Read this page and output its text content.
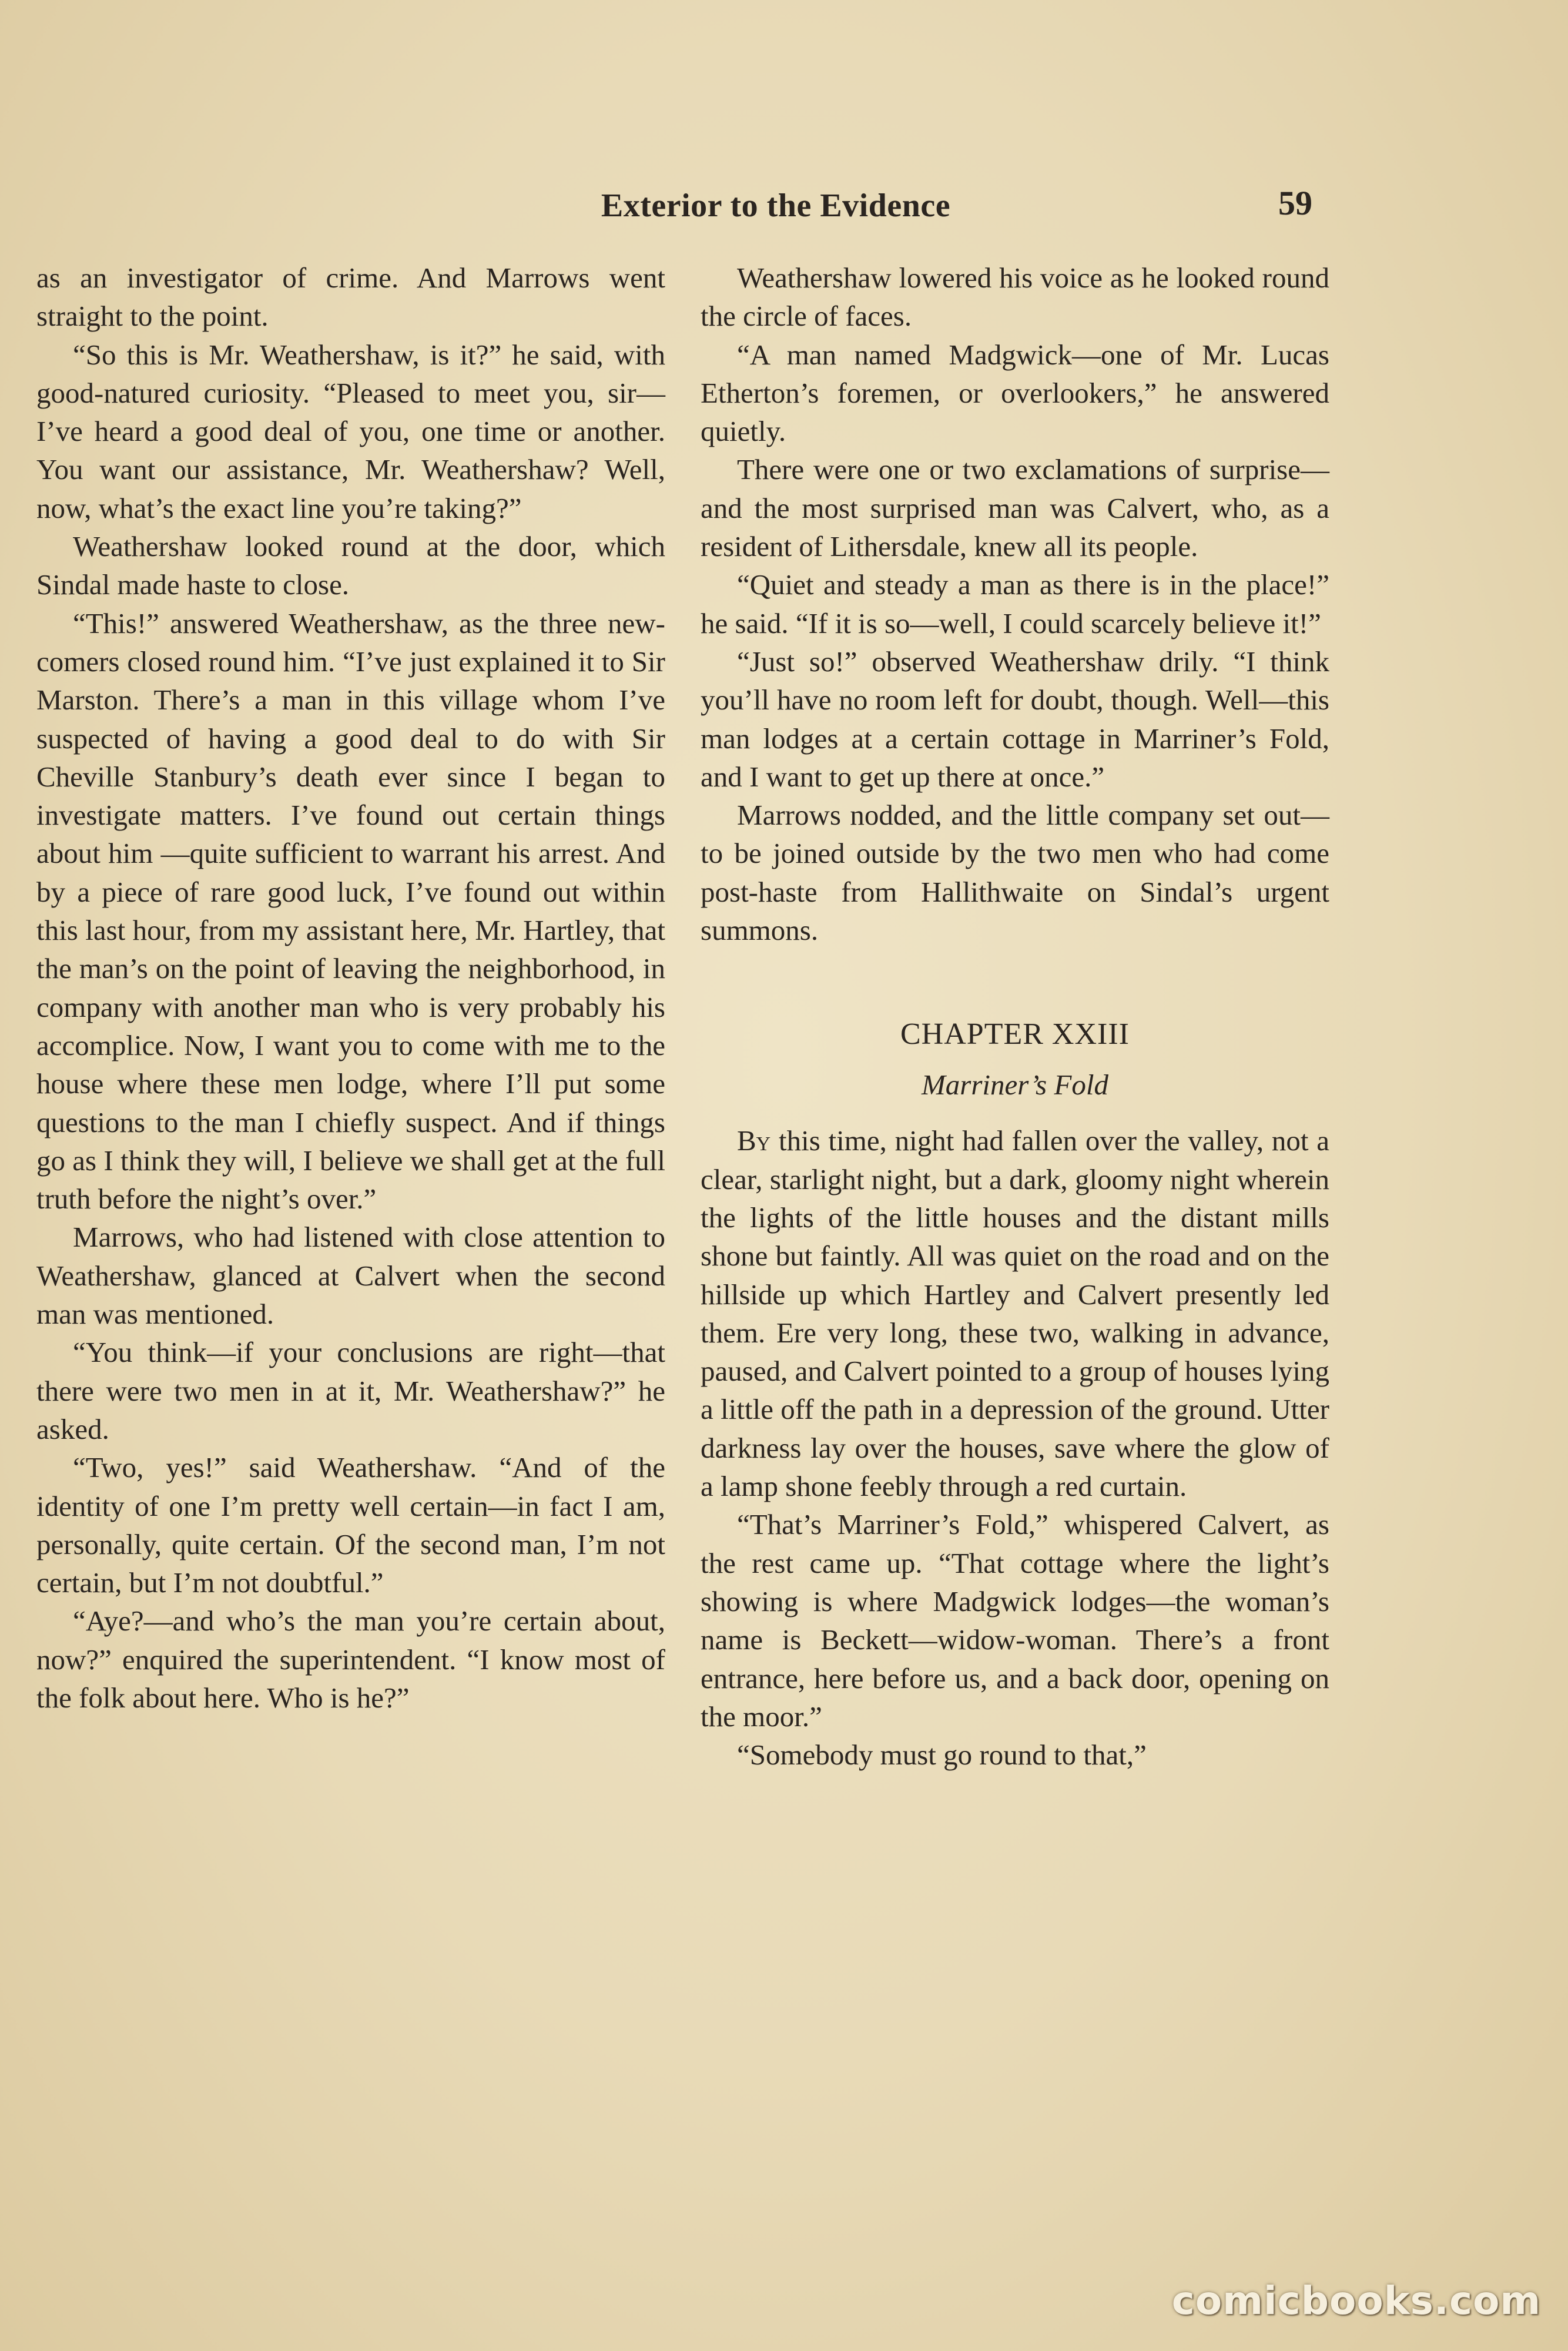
Exterior to the Evidence	59

as an investigator of crime. And Marrows went straight to the point.

“So this is Mr. Weathershaw, is it?” he said, with good-natured curiosity. “Pleased to meet you, sir—I’ve heard a good deal of you, one time or another. You want our assistance, Mr. Weathershaw? Well, now, what’s the exact line you’re taking?”

Weathershaw looked round at the door, which Sindal made haste to close.

“This!” answered Weathershaw, as the three new-comers closed round him. “I’ve just explained it to Sir Marston. There’s a man in this village whom I’ve suspected of having a good deal to do with Sir Cheville Stanbury’s death ever since I began to investigate matters. I’ve found out certain things about him —quite sufficient to warrant his arrest. And by a piece of rare good luck, I’ve found out within this last hour, from my assistant here, Mr. Hartley, that the man’s on the point of leaving the neighborhood, in company with another man who is very probably his accomplice. Now, I want you to come with me to the house where these men lodge, where I’ll put some questions to the man I chiefly suspect. And if things go as I think they will, I believe we shall get at the full truth before the night’s over.”

Marrows, who had listened with close attention to Weathershaw, glanced at Calvert when the second man was mentioned.

“You think—if your conclusions are right—that there were two men in at it, Mr. Weathershaw?” he asked.

“Two, yes!” said Weathershaw. “And of the identity of one I’m pretty well certain—in fact I am, personally, quite certain. Of the second man, I’m not certain, but I’m not doubtful.”

“Aye?—and who’s the man you’re certain about, now?” enquired the superintendent. “I know most of the folk about here. Who is he?”

Weathershaw lowered his voice as he looked round the circle of faces.

“A man named Madgwick—one of Mr. Lucas Etherton’s foremen, or overlookers,” he answered quietly.

There were one or two exclamations of surprise—and the most surprised man was Calvert, who, as a resident of Lithersdale, knew all its people.

“Quiet and steady a man as there is in the place!” he said. “If it is so—well, I could scarcely believe it!”

“Just so!” observed Weathershaw drily. “I think you’ll have no room left for doubt, though. Well—this man lodges at a certain cottage in Marriner’s Fold, and I want to get up there at once.”

Marrows nodded, and the little company set out—to be joined outside by the two men who had come post-haste from Hallithwaite on Sindal’s urgent summons.

CHAPTER XXIII
Marriner’s Fold

By this time, night had fallen over the valley, not a clear, starlight night, but a dark, gloomy night wherein the lights of the little houses and the distant mills shone but faintly. All was quiet on the road and on the hillside up which Hartley and Calvert presently led them. Ere very long, these two, walking in advance, paused, and Calvert pointed to a group of houses lying a little off the path in a depression of the ground. Utter darkness lay over the houses, save where the glow of a lamp shone feebly through a red curtain.

“That’s Marriner’s Fold,” whispered Calvert, as the rest came up. “That cottage where the light’s showing is where Madgwick lodges—the woman’s name is Beckett—widow-woman. There’s a front entrance, here before us, and a back door, opening on the moor.”

“Somebody must go round to that,”

comicbooks.com
